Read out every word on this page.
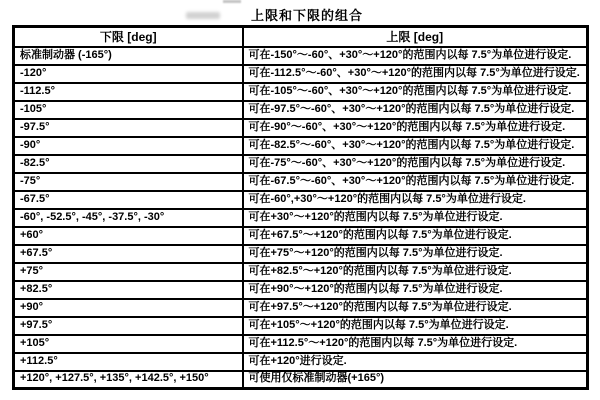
上限和下限的组合
下限 [deg]	上限 [deg]
标准制动器 (-165°)	可在-150°～-60°、+30°～+120°的范围内以每 7.5°为单位进行设定.
-120°	可在-112.5°～-60°、+30°～+120°的范围内以每 7.5°为单位进行设定.
-112.5°	可在-105°～-60°、+30°～+120°的范围内以每 7.5°为单位进行设定.
-105°	可在-97.5°～-60°、+30°～+120°的范围内以每 7.5°为单位进行设定.
-97.5°	可在-90°～-60°、+30°～+120°的范围内以每 7.5°为单位进行设定.
-90°	可在-82.5°～-60°、+30°～+120°的范围内以每 7.5°为单位进行设定.
-82.5°	可在-75°～-60°、+30°～+120°的范围内以每 7.5°为单位进行设定.
-75°	可在-67.5°～-60°、+30°～+120°的范围内以每 7.5°为单位进行设定.
-67.5°	可在-60°,+30°～+120°的范围内以每 7.5°为单位进行设定.
-60°, -52.5°, -45°, -37.5°, -30°	可在+30°～+120°的范围内以每 7.5°为单位进行设定.
+60°	可在+67.5°～+120°的范围内以每 7.5°为单位进行设定.
+67.5°	可在+75°～+120°的范围内以每 7.5°为单位进行设定.
+75°	可在+82.5°～+120°的范围内以每 7.5°为单位进行设定.
+82.5°	可在+90°～+120°的范围内以每 7.5°为单位进行设定.
+90°	可在+97.5°～+120°的范围内以每 7.5°为单位进行设定.
+97.5°	可在+105°～+120°的范围内以每 7.5°为单位进行设定.
+105°	可在+112.5°～+120°的范围内以每 7.5°为单位进行设定.
+112.5°	可在+120°进行设定.
+120°, +127.5°, +135°, +142.5°, +150°	可使用仅标准制动器(+165°)
